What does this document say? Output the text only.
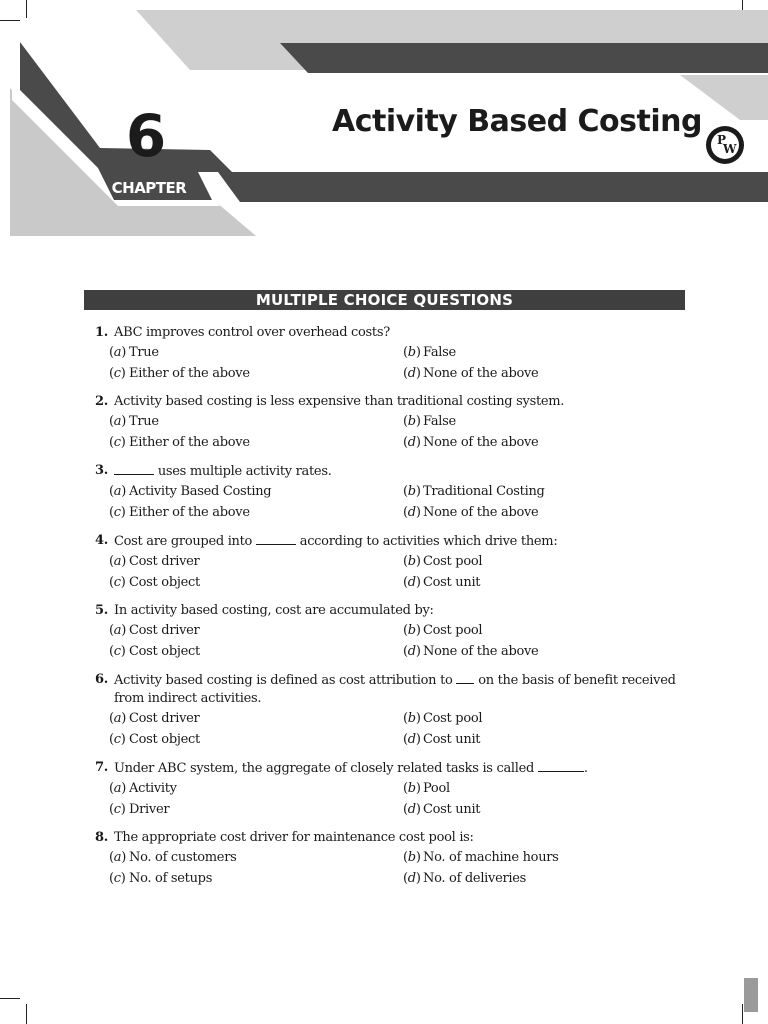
6
CHAPTER
Activity Based Costing
P
W
MULTIPLE CHOICE QUESTIONS
1. ABC improves control over overhead costs?
(a) True	(b) False
(c) Either of the above	(d) None of the above
2. Activity based costing is less expensive than traditional costing system.
(a) True	(b) False
(c) Either of the above	(d) None of the above
3.	uses multiple activity rates.
(a) Activity Based Costing	(b) Traditional Costing
(c) Either of the above	(d) None of the above
4. Cost are grouped into	according to activities which drive them:
(a) Cost driver	(b) Cost pool
(c) Cost object	(d) Cost unit
5. In activity based costing, cost are accumulated by:
(a) Cost driver	(b) Cost pool
(c) Cost object	(d) None of the above
6. Activity based costing is defined as cost attribution to  on the basis of benefit received from indirect activities.
(a) Cost driver	(b) Cost pool
(c) Cost object	(d) Cost unit
7. Under ABC system, the aggregate of closely related tasks is called	.
(a) Activity	(b) Pool
(c) Driver	(d) Cost unit
8. The appropriate cost driver for maintenance cost pool is:
(a) No. of customers	(b) No. of machine hours
(c) No. of setups	(d) No. of deliveries
